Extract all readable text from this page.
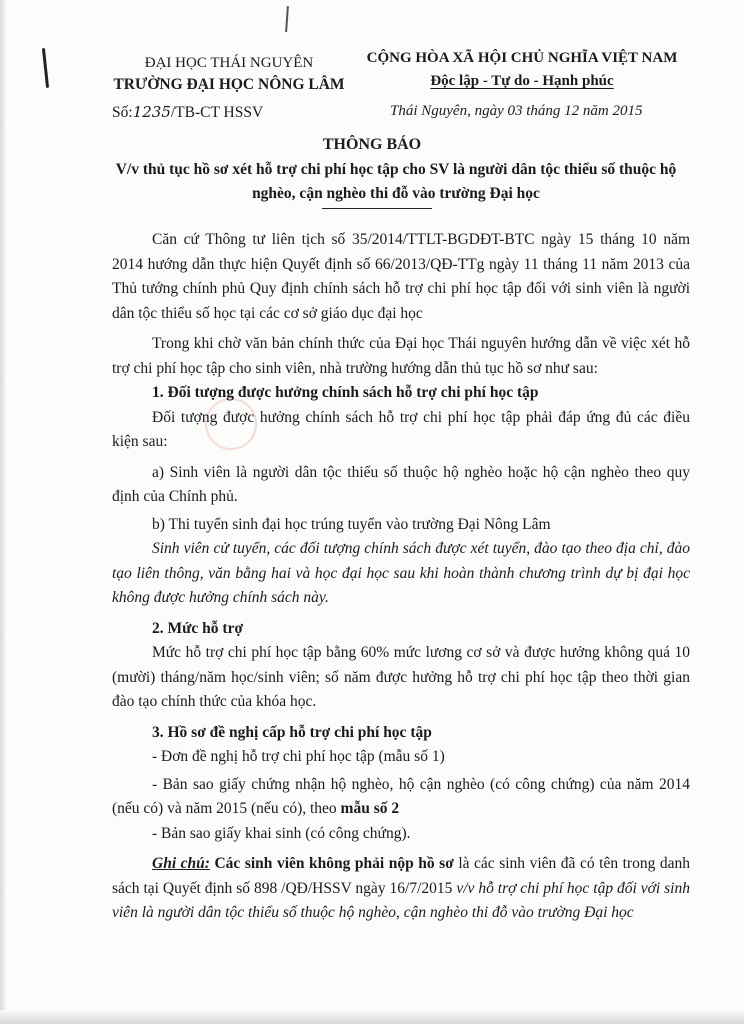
ĐẠI HỌC THÁI NGUYÊN
TRƯỜNG ĐẠI HỌC NÔNG LÂM
CỘNG HÒA XÃ HỘI CHỦ NGHĨA VIỆT NAM
Độc lập - Tự do - Hạnh phúc
Số:1235/TB-CT HSSV	Thái Nguyên, ngày 03 tháng 12 năm 2015
THÔNG BÁO
V/v thủ tục hồ sơ xét hỗ trợ chi phí học tập cho SV là người dân tộc thiểu số thuộc hộ nghèo, cận nghèo thi đỗ vào trường Đại học

Căn cứ Thông tư liên tịch số 35/2014/TTLT-BGDĐT-BTC ngày 15 tháng 10 năm 2014 hướng dẫn thực hiện Quyết định số 66/2013/QĐ-TTg ngày 11 tháng 11 năm 2013 của Thủ tướng chính phủ Quy định chính sách hỗ trợ chi phí học tập đối với sinh viên là người dân tộc thiểu số học tại các cơ sở giáo dục đại học

Trong khi chờ văn bản chính thức của Đại học Thái nguyên hướng dẫn về việc xét hỗ trợ chi phí học tập cho sinh viên, nhà trường hướng dẫn thủ tục hồ sơ như sau:

1. Đối tượng được hưởng chính sách hỗ trợ chi phí học tập

Đối tượng được hưởng chính sách hỗ trợ chi phí học tập phải đáp ứng đủ các điều kiện sau:

a) Sinh viên là người dân tộc thiểu số thuộc hộ nghèo hoặc hộ cận nghèo theo quy định của Chính phủ.

b) Thi tuyển sinh đại học trúng tuyển vào trường Đại Nông Lâm

Sinh viên cử tuyển, các đối tượng chính sách được xét tuyển, đào tạo theo địa chỉ, đào tạo liên thông, văn bằng hai và học đại học sau khi hoàn thành chương trình dự bị đại học không được hưởng chính sách này.

2. Mức hỗ trợ

Mức hỗ trợ chi phí học tập bằng 60% mức lương cơ sở và được hưởng không quá 10 (mười) tháng/năm học/sinh viên; số năm được hưởng hỗ trợ chi phí học tập theo thời gian đào tạo chính thức của khóa học.

3. Hồ sơ đề nghị cấp hỗ trợ chi phí học tập

- Đơn đề nghị hỗ trợ chi phí học tập (mẫu số 1)

- Bản sao giấy chứng nhận hộ nghèo, hộ cận nghèo (có công chứng) của năm 2014 (nếu có) và năm 2015 (nếu có), theo mẫu số 2

- Bản sao giấy khai sinh (có công chứng).

Ghi chú: Các sinh viên không phải nộp hồ sơ là các sinh viên đã có tên trong danh sách tại Quyết định số 898 /QĐ/HSSV ngày 16/7/2015 v/v hỗ trợ chi phí học tập đối với sinh viên là người dân tộc thiểu số thuộc hộ nghèo, cận nghèo thi đỗ vào trường Đại học
